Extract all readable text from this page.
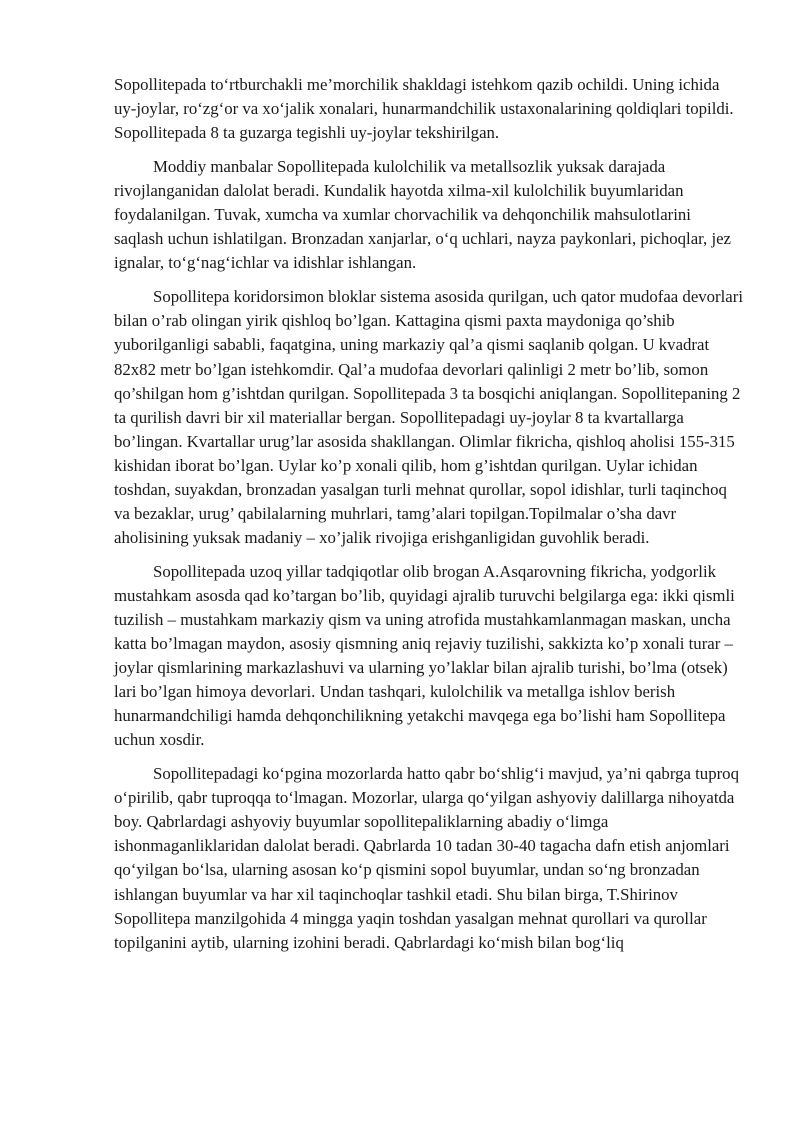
Sopollitepada to‘rtburchakli me’morchilik shakldagi istehkom qazib ochildi. Uning ichida uy-joylar, ro‘zg‘or va xo‘jalik xonalari, hunarmandchilik ustaxonalarining qoldiqlari topildi. Sopollitepada 8 ta guzarga tegishli uy-joylar tekshirilgan.

Moddiy manbalar Sopollitepada kulolchilik va metallsozlik yuksak darajada rivojlanganidan dalolat beradi. Kundalik hayotda xilma-xil kulolchilik buyumlaridan foydalanilgan. Tuvak, xumcha va xumlar chorvachilik va dehqonchilik mahsulotlarini saqlash uchun ishlatilgan. Bronzadan xanjarlar, o‘q uchlari, nayza paykonlari, pichoqlar, jez ignalar, to‘g‘nag‘ichlar va idishlar ishlangan.

Sopollitepa koridorsimon bloklar sistema asosida qurilgan, uch qator mudofaa devorlari bilan o’rab olingan yirik qishloq bo’lgan. Kattagina qismi paxta maydoniga qo’shib yuborilganligi sababli, faqatgina, uning markaziy qal’a qismi saqlanib qolgan. U kvadrat 82x82 metr bo’lgan istehkomdir. Qal’a mudofaa devorlari qalinligi 2 metr bo’lib, somon qo’shilgan hom g’ishtdan qurilgan. Sopollitepada 3 ta bosqichi aniqlangan. Sopollitepaning 2 ta qurilish davri bir xil materiallar bergan. Sopollitepadagi uy-joylar 8 ta kvartallarga bo’lingan. Kvartallar urug’lar asosida shakllangan. Olimlar fikricha, qishloq aholisi 155-315 kishidan iborat bo’lgan. Uylar ko’p xonali qilib, hom g’ishtdan qurilgan. Uylar ichidan toshdan, suyakdan, bronzadan yasalgan turli mehnat qurollar, sopol idishlar, turli taqinchoq va bezaklar, urug’ qabilalarning muhrlari, tamg’alari topilgan.Topilmalar o’sha davr aholisining yuksak madaniy – xo’jalik rivojiga erishganligidan guvohlik beradi.

Sopollitepada uzoq yillar tadqiqotlar olib brogan A.Asqarovning fikricha, yodgorlik mustahkam asosda qad ko’targan bo’lib, quyidagi ajralib turuvchi belgilarga ega: ikki qismli tuzilish – mustahkam markaziy qism va uning atrofida mustahkamlanmagan maskan, uncha katta bo’lmagan maydon, asosiy qismning aniq rejaviy tuzilishi, sakkizta ko’p xonali turar – joylar qismlarining markazlashuvi va ularning yo’laklar bilan ajralib turishi, bo’lma (otsek) lari bo’lgan himoya devorlari. Undan tashqari, kulolchilik va metallga ishlov berish hunarmandchiligi hamda dehqonchilikning yetakchi mavqega ega bo’lishi ham Sopollitepa uchun xosdir.

Sopollitepadagi ko‘pgina mozorlarda hatto qabr bo‘shlig‘i mavjud, ya’ni qabrga tuproq o‘pirilib, qabr tuproqqa to‘lmagan. Mozorlar, ularga qo‘yilgan ashyoviy dalillarga nihoyatda boy. Qabrlardagi ashyoviy buyumlar sopollitepaliklarning abadiy o‘limga ishonmaganliklaridan dalolat beradi. Qabrlarda 10 tadan 30-40 tagacha dafn etish anjomlari qo‘yilgan bo‘lsa, ularning asosan ko‘p qismini sopol buyumlar, undan so‘ng bronzadan ishlangan buyumlar va har xil taqinchoqlar tashkil etadi. Shu bilan birga, T.Shirinov Sopollitepa manzilgohida 4 mingga yaqin toshdan yasalgan mehnat qurollari va qurollar topilganini aytib, ularning izohini beradi. Qabrlardagi ko‘mish bilan bog‘liq
